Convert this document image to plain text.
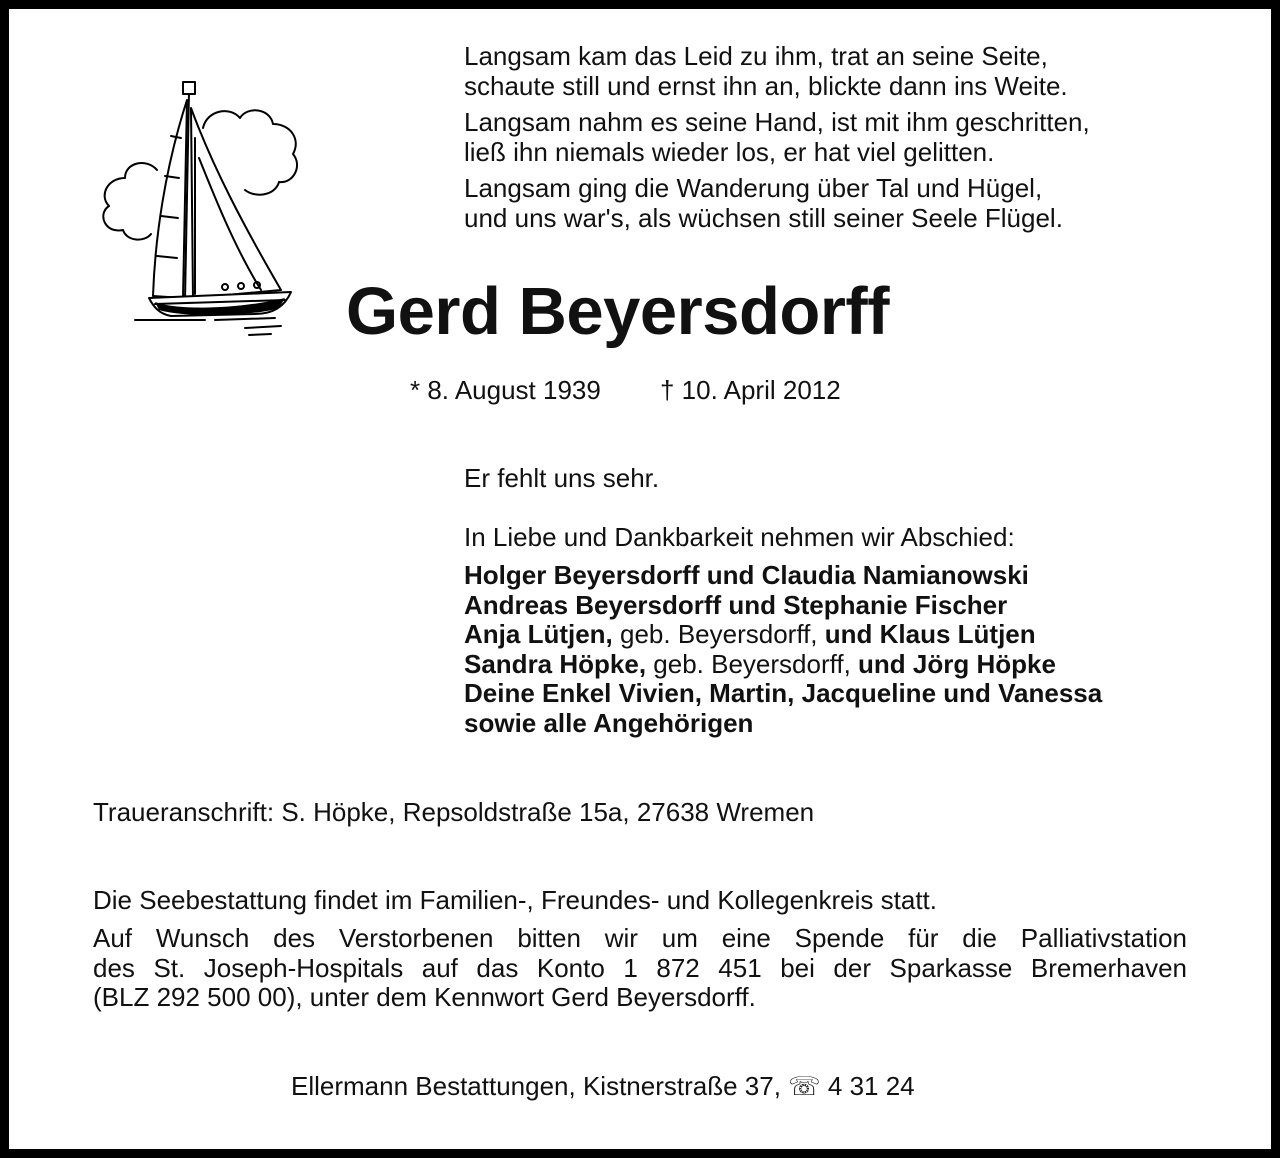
Langsam kam das Leid zu ihm, trat an seine Seite,
schaute still und ernst ihn an, blickte dann ins Weite.
Langsam nahm es seine Hand, ist mit ihm geschritten,
ließ ihn niemals wieder los, er hat viel gelitten.
Langsam ging die Wanderung über Tal und Hügel,
und uns war's, als wüchsen still seiner Seele Flügel.
Gerd Beyersdorff
* 8. August 1939 † 10. April 2012
Er fehlt uns sehr.
In Liebe und Dankbarkeit nehmen wir Abschied:
Holger Beyersdorff und Claudia Namianowski
Andreas Beyersdorff und Stephanie Fischer
Anja Lütjen, geb. Beyersdorff, und Klaus Lütjen
Sandra Höpke, geb. Beyersdorff, und Jörg Höpke
Deine Enkel Vivien, Martin, Jacqueline und Vanessa
sowie alle Angehörigen
Traueranschrift: S. Höpke, Repsoldstraße 15a, 27638 Wremen
Die Seebestattung findet im Familien-, Freundes- und Kollegenkreis statt.
Auf Wunsch des Verstorbenen bitten wir um eine Spende für die Palliativstation
des St. Joseph-Hospitals auf das Konto 1 872 451 bei der Sparkasse Bremerhaven
(BLZ 292 500 00), unter dem Kennwort Gerd Beyersdorff.
Ellermann Bestattungen, Kistnerstraße 37, ☏ 4 31 24
